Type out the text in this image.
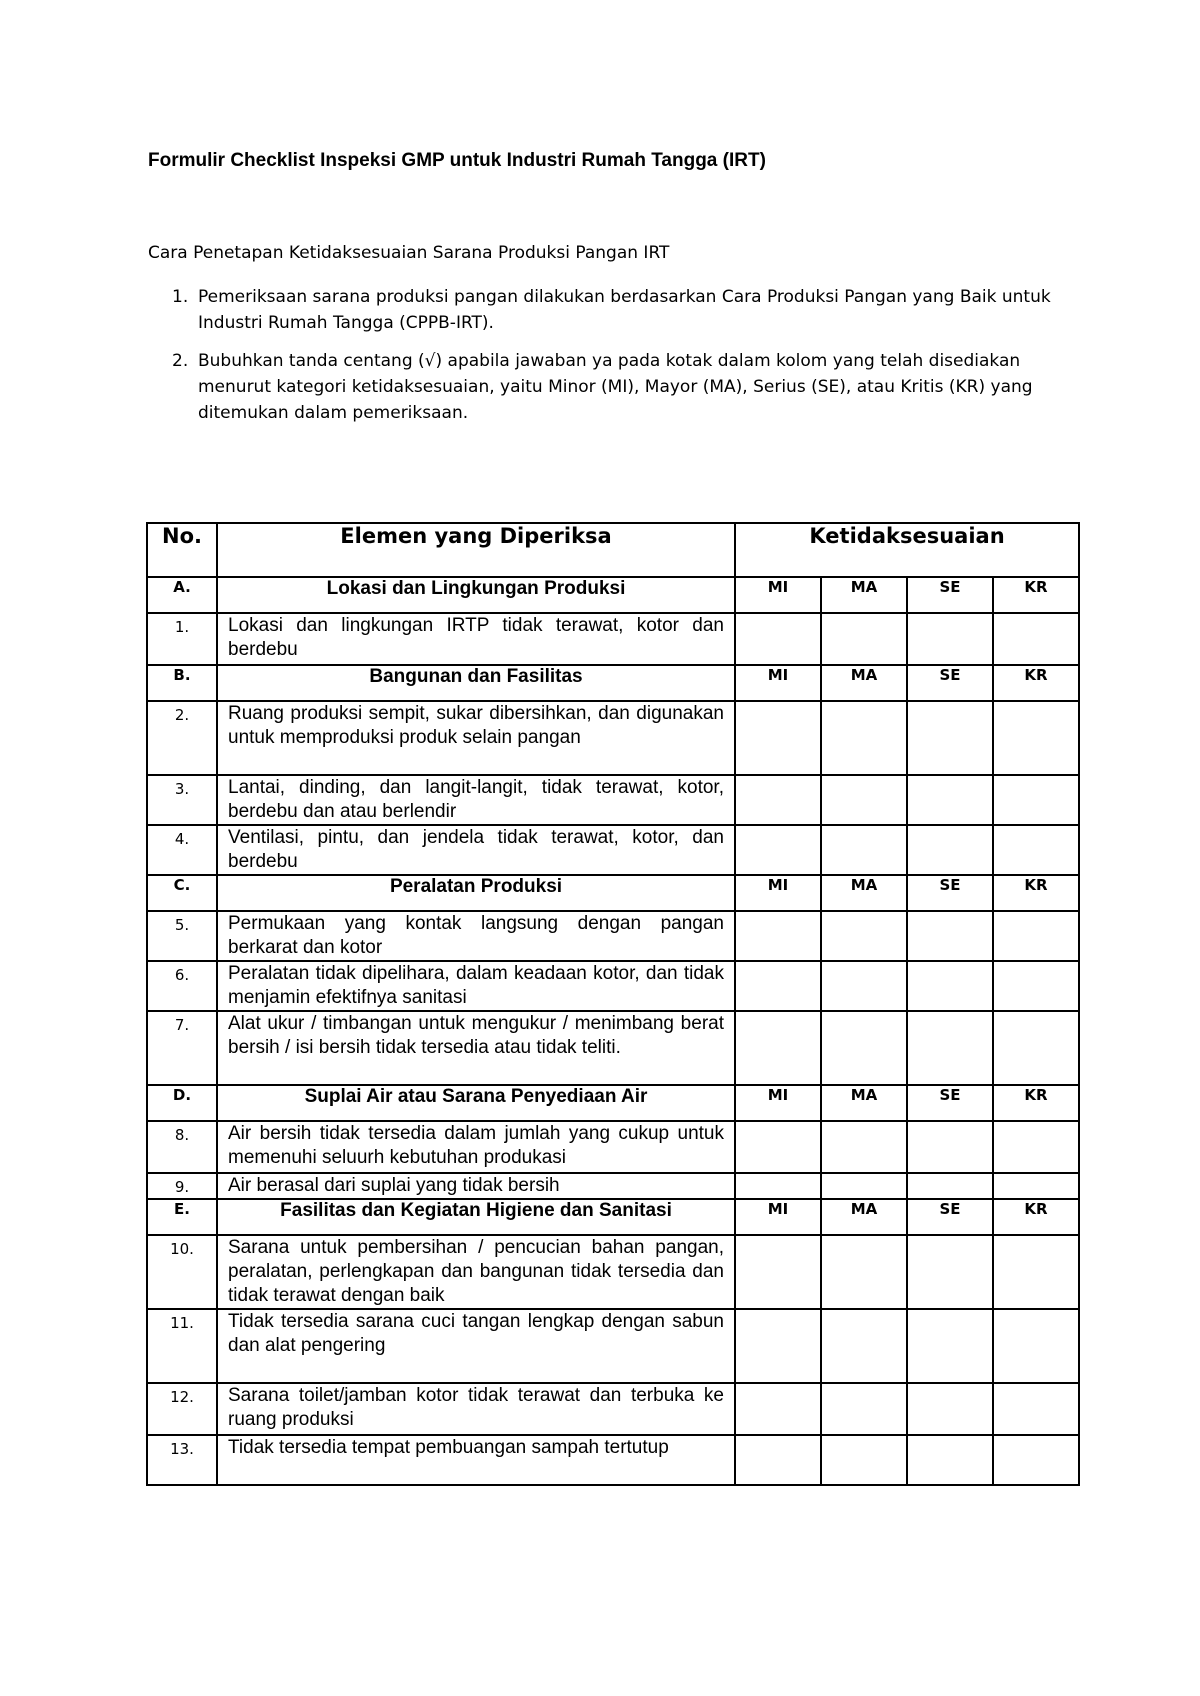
Formulir Checklist Inspeksi GMP untuk Industri Rumah Tangga (IRT)
Cara Penetapan Ketidaksesuaian Sarana Produksi Pangan IRT
1. Pemeriksaan sarana produksi pangan dilakukan berdasarkan Cara Produksi Pangan yang Baik untuk Industri Rumah Tangga (CPPB-IRT).
2. Bubuhkan tanda centang (√) apabila jawaban ya pada kotak dalam kolom yang telah disediakan menurut kategori ketidaksesuaian, yaitu Minor (MI), Mayor (MA), Serius (SE), atau Kritis (KR) yang ditemukan dalam pemeriksaan.
No.	Elemen yang Diperiksa	Ketidaksesuaian			
A.	Lokasi dan Lingkungan Produksi	MI	MA	SE	KR
1.	Lokasi dan lingkungan IRTP tidak terawat, kotor dan berdebu				
B.	Bangunan dan Fasilitas	MI	MA	SE	KR
2.	Ruang produksi sempit, sukar dibersihkan, dan digunakan untuk memproduksi produk selain pangan				
3.	Lantai, dinding, dan langit-langit, tidak terawat, kotor, berdebu dan atau berlendir				
4.	Ventilasi, pintu, dan jendela tidak terawat, kotor, dan berdebu				
C.	Peralatan Produksi	MI	MA	SE	KR
5.	Permukaan yang kontak langsung dengan pangan berkarat dan kotor				
6.	Peralatan tidak dipelihara, dalam keadaan kotor, dan tidak menjamin efektifnya sanitasi				
7.	Alat ukur / timbangan untuk mengukur / menimbang berat bersih / isi bersih tidak tersedia atau tidak teliti.				
D.	Suplai Air atau Sarana Penyediaan Air	MI	MA	SE	KR
8.	Air bersih tidak tersedia dalam jumlah yang cukup untuk memenuhi seluurh kebutuhan produkasi				
9.	Air berasal dari suplai yang tidak bersih				
E.	Fasilitas dan Kegiatan Higiene dan Sanitasi	MI	MA	SE	KR
10.	Sarana untuk pembersihan / pencucian bahan pangan, peralatan, perlengkapan dan bangunan tidak tersedia dan tidak terawat dengan baik				
11.	Tidak tersedia sarana cuci tangan lengkap dengan sabun dan alat pengering				
12.	Sarana toilet/jamban kotor tidak terawat dan terbuka ke ruang produksi				
13.	Tidak tersedia tempat pembuangan sampah tertutup				
